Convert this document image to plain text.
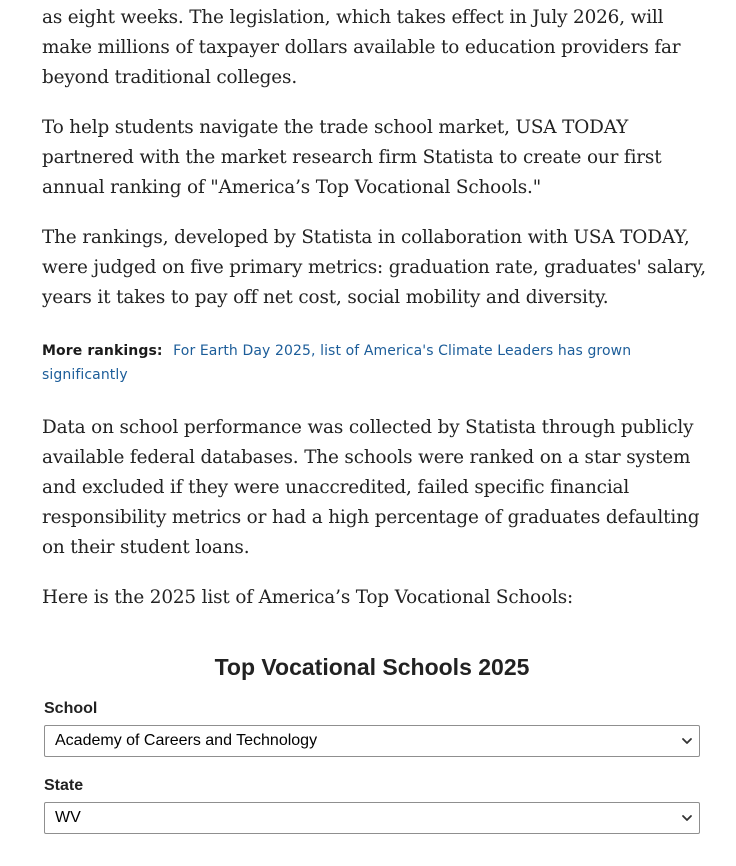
as eight weeks. The legislation, which takes effect in July 2026, will make millions of taxpayer dollars available to education providers far beyond traditional colleges.

To help students navigate the trade school market, USA TODAY partnered with the market research firm Statista to create our first annual ranking of "America’s Top Vocational Schools."

The rankings, developed by Statista in collaboration with USA TODAY, were judged on five primary metrics: graduation rate, graduates' salary, years it takes to pay off net cost, social mobility and diversity.

More rankings: For Earth Day 2025, list of America's Climate Leaders has grown significantly

Data on school performance was collected by Statista through publicly available federal databases. The schools were ranked on a star system and excluded if they were unaccredited, failed specific financial responsibility metrics or had a high percentage of graduates defaulting on their student loans.

Here is the 2025 list of America’s Top Vocational Schools:

Top Vocational Schools 2025
School
Academy of Careers and Technology
State
WV
